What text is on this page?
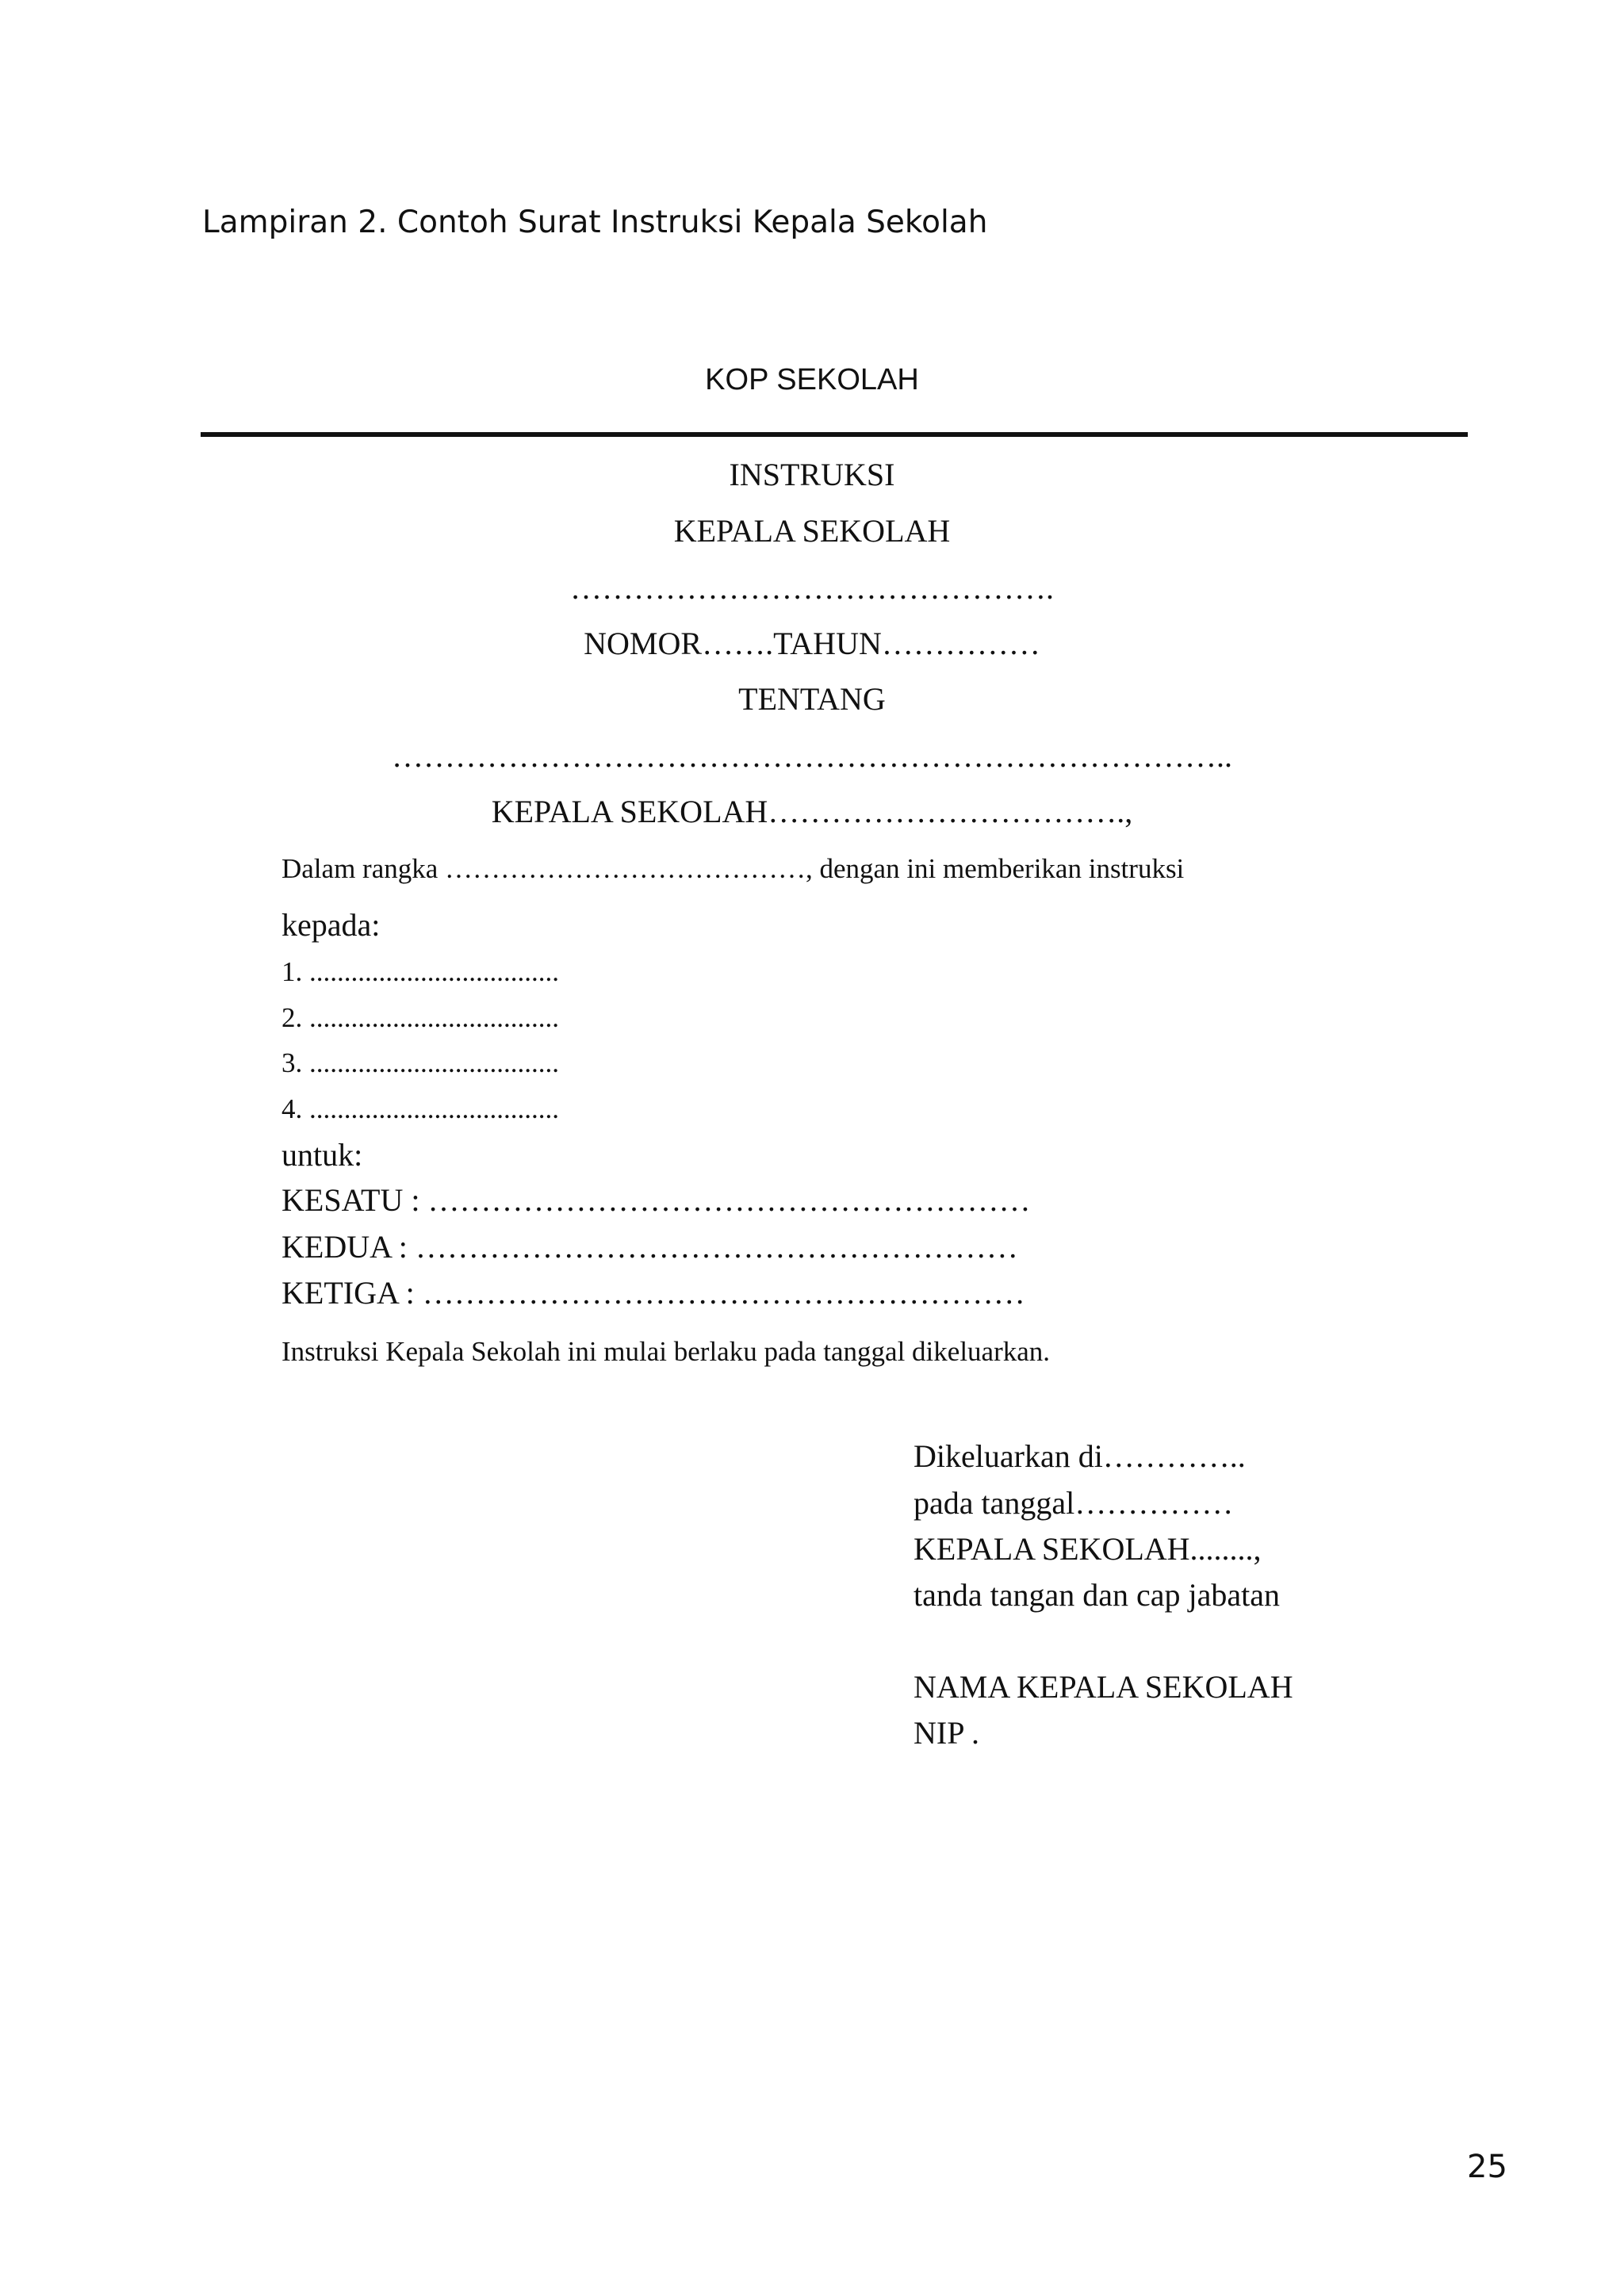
Lampiran 2. Contoh Surat Instruksi Kepala Sekolah
KOP SEKOLAH
INSTRUKSI
KEPALA SEKOLAH
……………………………………….
NOMOR…….TAHUN……………
TENTANG
……………………………………………………………………..
KEPALA SEKOLAH…………………………….,
Dalam rangka …………………………………, dengan ini memberikan instruksi
kepada:
1. ....................................
2. ....................................
3. ....................................
4. ....................................
untuk:
KESATU : …………………………………………………
KEDUA : …………………………………………………
KETIGA : …………………………………………………
Instruksi Kepala Sekolah ini mulai berlaku pada tanggal dikeluarkan.
Dikeluarkan di…………..
pada tanggal……………
KEPALA SEKOLAH........,
tanda tangan dan cap jabatan
NAMA KEPALA SEKOLAH
NIP .
25
